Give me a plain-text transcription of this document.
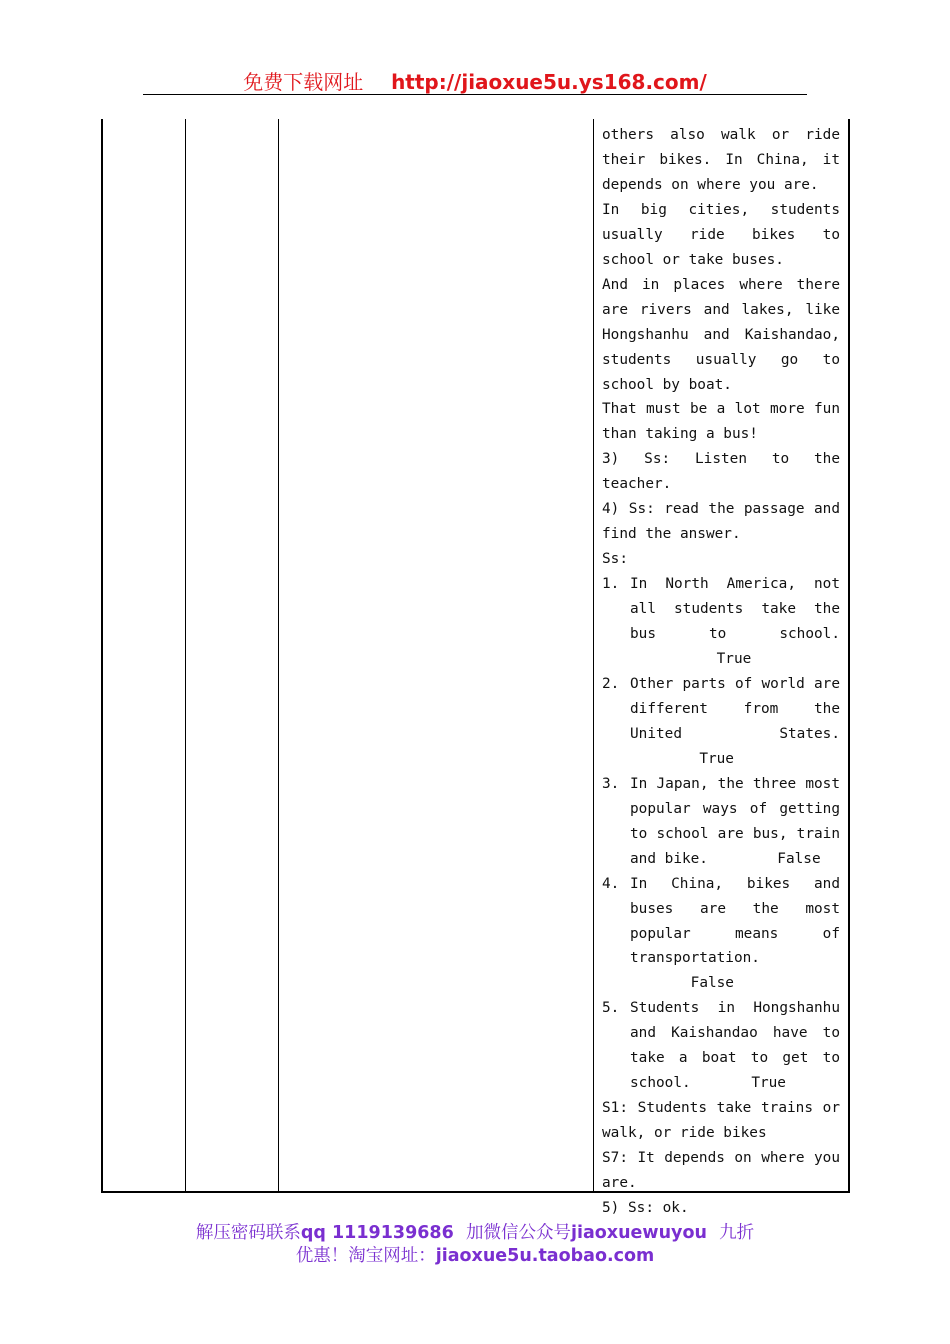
免费下载网址 http://jiaoxue5u.ys168.com/
others also walk or ride their bikes. In China, it depends on where you are.
In big cities, students usually ride bikes to school or take buses.
And in places where there are rivers and lakes, like Hongshanhu and Kaishandao, students usually go to school by boat.
That must be a lot more fun than taking a bus!
3) Ss: Listen to the teacher.
4) Ss: read the passage and find the answer.
Ss:
1. In North America, not all students take the bus to school.          True
2. Other parts of world are different from the United States.        True
3. In Japan, the three most popular ways of getting to school are bus, train and bike.	False
4. In China, bikes and buses are the most popular means of transportation.       False
5. Students in Hongshanhu and Kaishandao have to take a boat to get to school.	True
S1: Students take trains or walk, or ride bikes
S7: It depends on where you are.
5) Ss: ok.
解压密码联系qq 1119139686 加微信公众号jiaoxuewuyou 九折
优惠！淘宝网址：jiaoxue5u.taobao.com
